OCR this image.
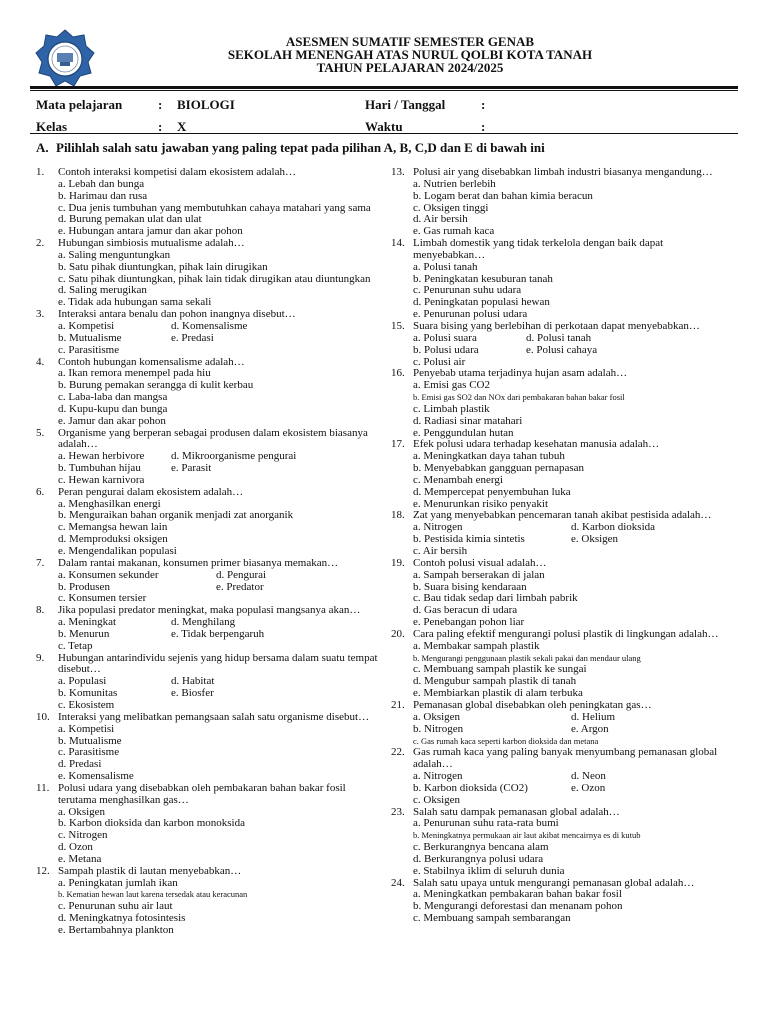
ASESMEN SUMATIF SEMESTER GENAB
SEKOLAH MENENGAH ATAS NURUL QOLBI KOTA TANAH
TAHUN PELAJARAN 2024/2025
Mata pelajaran	: BIOLOGI	Hari / Tanggal	:
Kelas	: X	Waktu	:
A. Pilihlah salah satu jawaban yang paling tepat pada pilihan A, B, C,D dan E di bawah ini
1. Contoh interaksi kompetisi dalam ekosistem adalah…
a. Lebah dan bunga
b. Harimau dan rusa
c. Dua jenis tumbuhan yang membutuhkan cahaya matahari yang sama
d. Burung pemakan ulat dan ulat
e. Hubungan antara jamur dan akar pohon
2. Hubungan simbiosis mutualisme adalah…
a. Saling menguntungkan
b. Satu pihak diuntungkan, pihak lain dirugikan
c. Satu pihak diuntungkan, pihak lain tidak dirugikan atau diuntungkan
d. Saling merugikan
e. Tidak ada hubungan sama sekali
3. Interaksi antara benalu dan pohon inangnya disebut…
a. Kompetisi	d. Komensalisme
b. Mutualisme	e. Predasi
c. Parasitisme
4. Contoh hubungan komensalisme adalah…
a. Ikan remora menempel pada hiu
b. Burung pemakan serangga di kulit kerbau
c. Laba-laba dan mangsa
d. Kupu-kupu dan bunga
e. Jamur dan akar pohon
5. Organisme yang berperan sebagai produsen dalam ekosistem biasanya adalah…
a. Hewan herbivore	d. Mikroorganisme pengurai
b. Tumbuhan hijau	e. Parasit
c. Hewan karnivora
6. Peran pengurai dalam ekosistem adalah…
a. Menghasilkan energi
b. Menguraikan bahan organik menjadi zat anorganik
c. Memangsa hewan lain
d. Memproduksi oksigen
e. Mengendalikan populasi
7. Dalam rantai makanan, konsumen primer biasanya memakan…
a. Konsumen sekunder	d. Pengurai
b. Produsen	e. Predator
c. Konsumen tersier
8. Jika populasi predator meningkat, maka populasi mangsanya akan…
a. Meningkat	d. Menghilang
b. Menurun	e. Tidak berpengaruh
c. Tetap
9. Hubungan antarindividu sejenis yang hidup bersama dalam suatu tempat disebut…
a. Populasi	d. Habitat
b. Komunitas	e. Biosfer
c. Ekosistem
10. Interaksi yang melibatkan pemangsaan salah satu organisme disebut…
a. Kompetisi
b. Mutualisme
c. Parasitisme
d. Predasi
e. Komensalisme
11. Polusi udara yang disebabkan oleh pembakaran bahan bakar fosil terutama menghasilkan gas…
a. Oksigen
b. Karbon dioksida dan karbon monoksida
c. Nitrogen
d. Ozon
e. Metana
12. Sampah plastik di lautan menyebabkan…
a. Peningkatan jumlah ikan
b. Kematian hewan laut karena tersedak atau keracunan
c. Penurunan suhu air laut
d. Meningkatnya fotosintesis
e. Bertambahnya plankton
13. Polusi air yang disebabkan limbah industri biasanya mengandung…
a. Nutrien berlebih
b. Logam berat dan bahan kimia beracun
c. Oksigen tinggi
d. Air bersih
e. Gas rumah kaca
14. Limbah domestik yang tidak terkelola dengan baik dapat menyebabkan…
a. Polusi tanah
b. Peningkatan kesuburan tanah
c. Penurunan suhu udara
d. Peningkatan populasi hewan
e. Penurunan polusi udara
15. Suara bising yang berlebihan di perkotaan dapat menyebabkan…
a. Polusi suara	d. Polusi tanah
b. Polusi udara	e. Polusi cahaya
c. Polusi air
16. Penyebab utama terjadinya hujan asam adalah…
a. Emisi gas CO2
b. Emisi gas SO2 dan NOx dari pembakaran bahan bakar fosil
c. Limbah plastik
d. Radiasi sinar matahari
e. Penggundulan hutan
17. Efek polusi udara terhadap kesehatan manusia adalah…
a. Meningkatkan daya tahan tubuh
b. Menyebabkan gangguan pernapasan
c. Menambah energi
d. Mempercepat penyembuhan luka
e. Menurunkan risiko penyakit
18. Zat yang menyebabkan pencemaran tanah akibat pestisida adalah…
a. Nitrogen	d. Karbon dioksida
b. Pestisida kimia sintetis	e. Oksigen
c. Air bersih
19. Contoh polusi visual adalah…
a. Sampah berserakan di jalan
b. Suara bising kendaraan
c. Bau tidak sedap dari limbah pabrik
d. Gas beracun di udara
e. Penebangan pohon liar
20. Cara paling efektif mengurangi polusi plastik di lingkungan adalah…
a. Membakar sampah plastik
b. Mengurangi penggunaan plastik sekali pakai dan mendaur ulang
c. Membuang sampah plastik ke sungai
d. Mengubur sampah plastik di tanah
e. Membiarkan plastik di alam terbuka
21. Pemanasan global disebabkan oleh peningkatan gas…
a. Oksigen	d. Helium
b. Nitrogen	e. Argon
c. Gas rumah kaca seperti karbon dioksida dan metana
22. Gas rumah kaca yang paling banyak menyumbang pemanasan global adalah…
a. Nitrogen	d. Neon
b. Karbon dioksida (CO2)	e. Ozon
c. Oksigen
23. Salah satu dampak pemanasan global adalah…
a. Penurunan suhu rata-rata bumi
b. Meningkatnya permukaan air laut akibat mencairnya es di kutub
c. Berkurangnya bencana alam
d. Berkurangnya polusi udara
e. Stabilnya iklim di seluruh dunia
24. Salah satu upaya untuk mengurangi pemanasan global adalah…
a. Meningkatkan pembakaran bahan bakar fosil
b. Mengurangi deforestasi dan menanam pohon
c. Membuang sampah sembarangan
